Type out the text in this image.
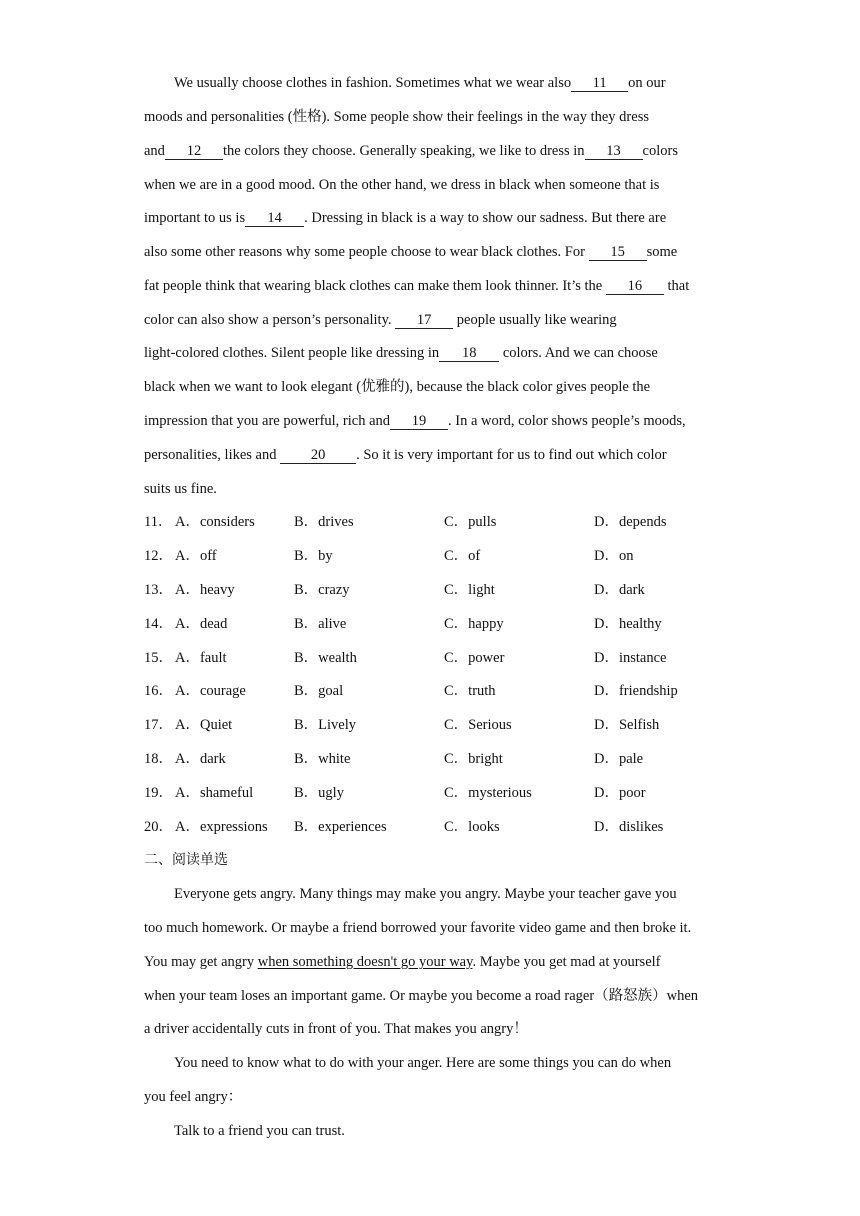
We usually choose clothes in fashion. Sometimes what we wear also 11 on our
moods and personalities (性格). Some people show their feelings in the way they dress
and 12 the colors they choose. Generally speaking, we like to dress in 13 colors
when we are in a good mood. On the other hand, we dress in black when someone that is
important to us is 14 . Dressing in black is a way to show our sadness. But there are
also some other reasons why some people choose to wear black clothes. For 15 some
fat people think that wearing black clothes can make them look thinner. It’s the 16 that
color can also show a person’s personality. 17 people usually like wearing
light-colored clothes. Silent people like dressing in 18 colors. And we can choose
black when we want to look elegant (优雅的), because the black color gives people the
impression that you are powerful, rich and 19 . In a word, color shows people’s moods,
personalities, likes and 20 . So it is very important for us to find out which color
suits us fine.
11． A．considers	B．drives	C．pulls	D．depends
12． A．off	B．by	C．of	D．on
13． A．heavy	B．crazy	C．light	D．dark
14． A．dead	B．alive	C．happy	D．healthy
15． A．fault	B．wealth	C．power	D．instance
16． A．courage	B．goal	C．truth	D．friendship
17． A．Quiet	B．Lively	C．Serious	D．Selfish
18． A．dark	B．white	C．bright	D．pale
19． A．shameful	B．ugly	C．mysterious	D．poor
20． A．expressions B．experiences	C．looks	D．dislikes
二、阅读单选
Everyone gets angry. Many things may make you angry. Maybe your teacher gave you
too much homework. Or maybe a friend borrowed your favorite video game and then broke it.
You may get angry when something doesn't go your way. Maybe you get mad at yourself
when your team loses an important game. Or maybe you become a road rager（路怒族）when
a driver accidentally cuts in front of you. That makes you angry！
You need to know what to do with your anger. Here are some things you can do when
you feel angry：
Talk to a friend you can trust.
